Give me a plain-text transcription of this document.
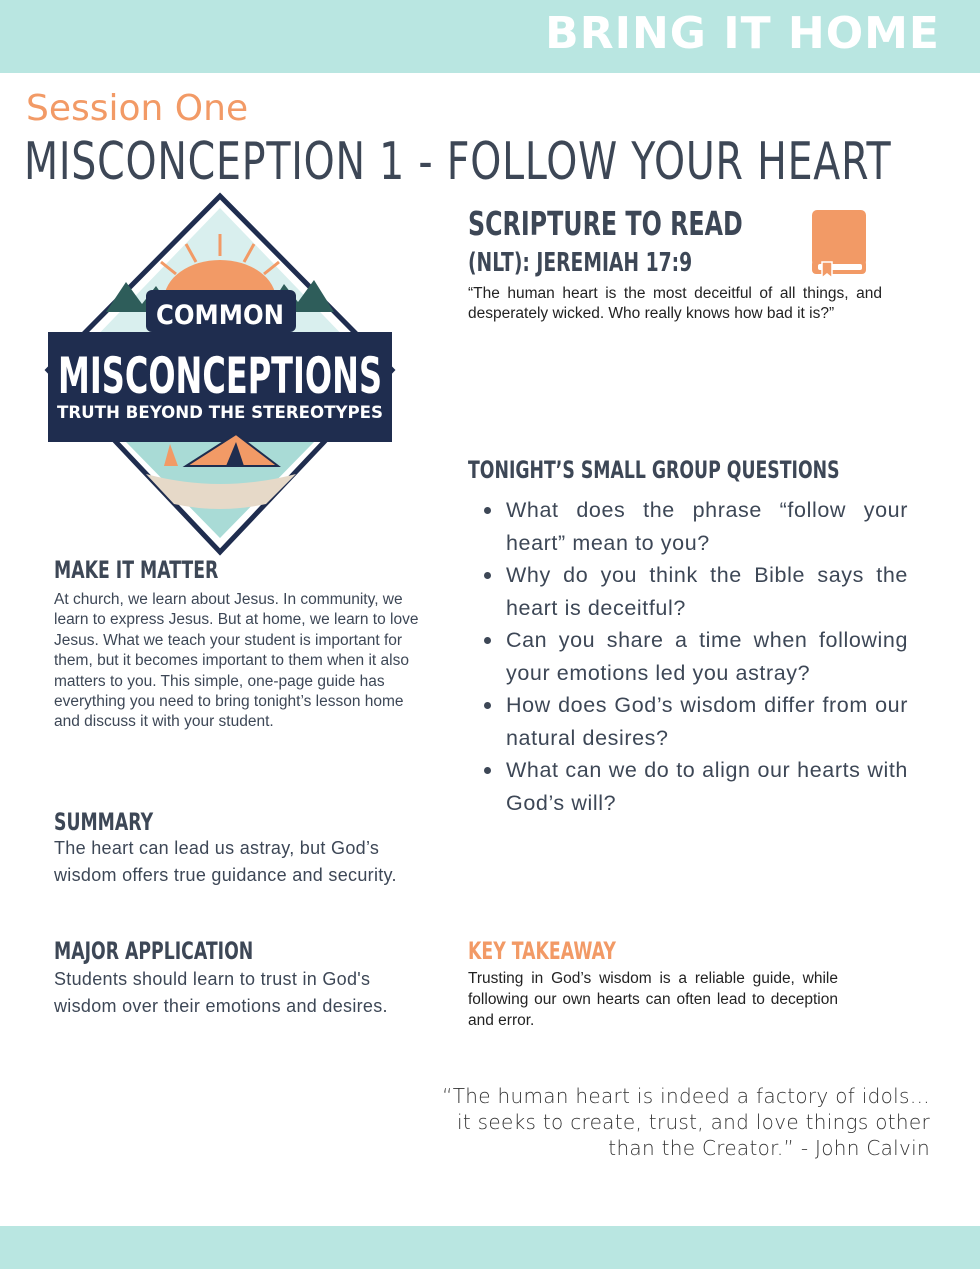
BRING IT HOME
Session One
MISCONCEPTION 1 - FOLLOW YOUR HEART
COMMON
MISCONCEPTIONS
TRUTH BEYOND THE STEREOTYPES
SCRIPTURE TO READ
(NLT): JEREMIAH 17:9
“The human heart is the most deceitful of all things, and desperately wicked. Who really knows how bad it is?”
TONIGHT’S SMALL GROUP QUESTIONS
What does the phrase “follow your heart” mean to you?
Why do you think the Bible says the heart is deceitful?
Can you share a time when following your emotions led you astray?
How does God’s wisdom differ from our natural desires?
What can we do to align our hearts with God’s will?
MAKE IT MATTER
At church, we learn about Jesus. In community, we learn to express Jesus. But at home, we learn to love Jesus. What we teach your student is important for them, but it becomes important to them when it also matters to you. This simple, one-page guide has everything you need to bring tonight’s lesson home and discuss it with your student.
SUMMARY
The heart can lead us astray, but God’s wisdom offers true guidance and security.
MAJOR APPLICATION
Students should learn to trust in God's wisdom over their emotions and desires.
KEY TAKEAWAY
Trusting in God’s wisdom is a reliable guide, while following our own hearts can often lead to deception and error.
“The human heart is indeed a factory of idols… it seeks to create, trust, and love things other than the Creator.” - John Calvin
